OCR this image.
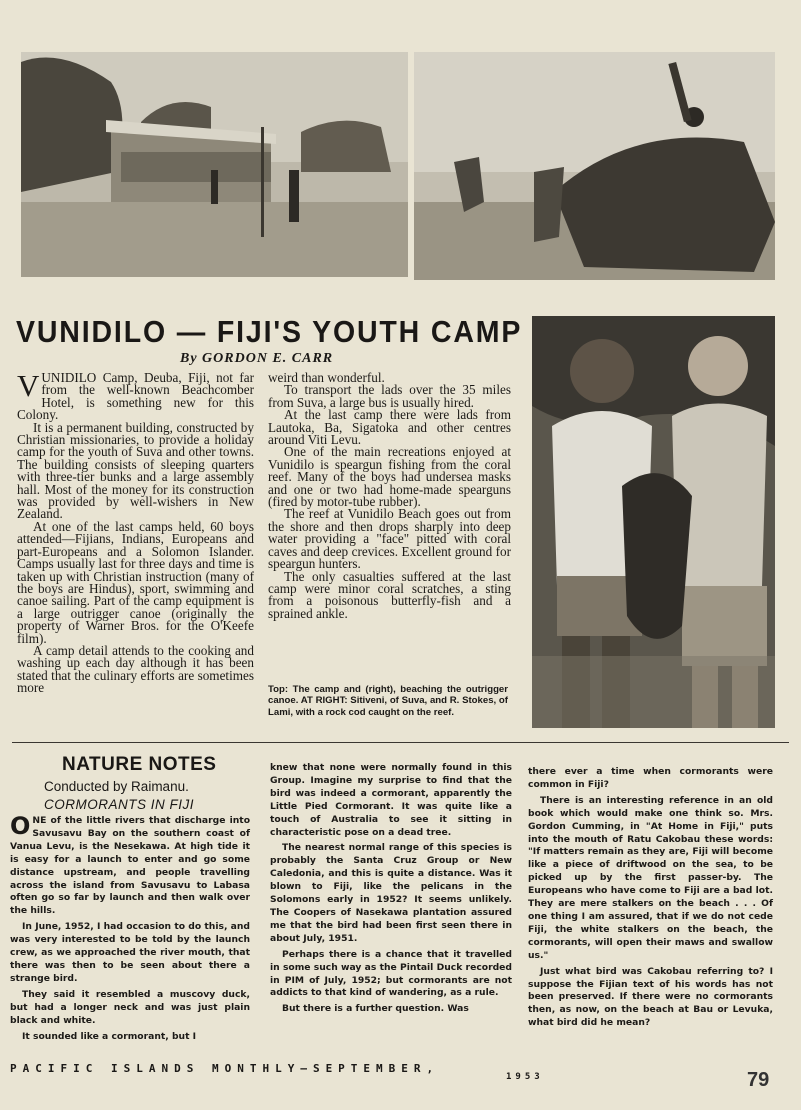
VUNIDILO — FIJI'S YOUTH CAMP
By GORDON E. CARR

VUNIDILO Camp, Deuba, Fiji, not far from the well-known Beachcomber Hotel, is something new for this Colony.

It is a permanent building, constructed by Christian missionaries, to provide a holiday camp for the youth of Suva and other towns. The building consists of sleeping quarters with three-tier bunks and a large assembly hall. Most of the money for its construction was provided by well-wishers in New Zealand.

At one of the last camps held, 60 boys attended—Fijians, Indians, Europeans and part-Europeans and a Solomon Islander. Camps usually last for three days and time is taken up with Christian instruction (many of the boys are Hindus), sport, swimming and canoe sailing. Part of the camp equipment is a large outrigger canoe (originally the property of Warner Bros. for the O'Keefe film).

A camp detail attends to the cooking and washing up each day although it has been stated that the culinary efforts are sometimes more

weird than wonderful.

To transport the lads over the 35 miles from Suva, a large bus is usually hired.

At the last camp there were lads from Lautoka, Ba, Sigatoka and other centres around Viti Levu.

One of the main recreations enjoyed at Vunidilo is speargun fishing from the coral reef. Many of the boys had undersea masks and one or two had home-made spearguns (fired by motor-tube rubber).

The reef at Vunidilo Beach goes out from the shore and then drops sharply into deep water providing a "face" pitted with coral caves and deep crevices. Excellent ground for speargun hunters.

The only casualties suffered at the last camp were minor coral scratches, a sting from a poisonous butterfly-fish and a sprained ankle.

Top: The camp and (right), beaching the outrigger canoe. AT RIGHT: Sitiveni, of Suva, and R. Stokes, of Lami, with a rock cod caught on the reef.
NATURE NOTES
Conducted by Raimanu.
CORMORANTS IN FIJI

ONE of the little rivers that discharge into Savusavu Bay on the southern coast of Vanua Levu, is the Nesekawa. At high tide it is easy for a launch to enter and go some distance upstream, and people travelling across the island from Savusavu to Labasa often go so far by launch and then walk over the hills.

In June, 1952, I had occasion to do this, and was very interested to be told by the launch crew, as we approached the river mouth, that there was then to be seen about there a strange bird.

They said it resembled a muscovy duck, but had a longer neck and was just plain black and white.

It sounded like a cormorant, but I

knew that none were normally found in this Group. Imagine my surprise to find that the bird was indeed a cormorant, apparently the Little Pied Cormorant. It was quite like a touch of Australia to see it sitting in characteristic pose on a dead tree.

The nearest normal range of this species is probably the Santa Cruz Group or New Caledonia, and this is quite a distance. Was it blown to Fiji, like the pelicans in the Solomons early in 1952? It seems unlikely. The Coopers of Nasekawa plantation assured me that the bird had been first seen there in about July, 1951.

Perhaps there is a chance that it travelled in some such way as the Pintail Duck recorded in PIM of July, 1952; but cormorants are not addicts to that kind of wandering, as a rule.

But there is a further question. Was

there ever a time when cormorants were common in Fiji?

There is an interesting reference in an old book which would make one think so. Mrs. Gordon Cumming, in "At Home in Fiji," puts into the mouth of Ratu Cakobau these words: "If matters remain as they are, Fiji will become like a piece of driftwood on the sea, to be picked up by the first passer-by. The Europeans who have come to Fiji are a bad lot. They are mere stalkers on the beach . . . Of one thing I am assured, that if we do not cede Fiji, the white stalkers on the beach, the cormorants, will open their maws and swallow us."

Just what bird was Cakobau referring to? I suppose the Fijian text of his words has not been preserved. If there were no cormorants then, as now, on the beach at Bau or Levuka, what bird did he mean?

PACIFIC ISLANDS MONTHLY—SEPTEMBER,
1953	79
